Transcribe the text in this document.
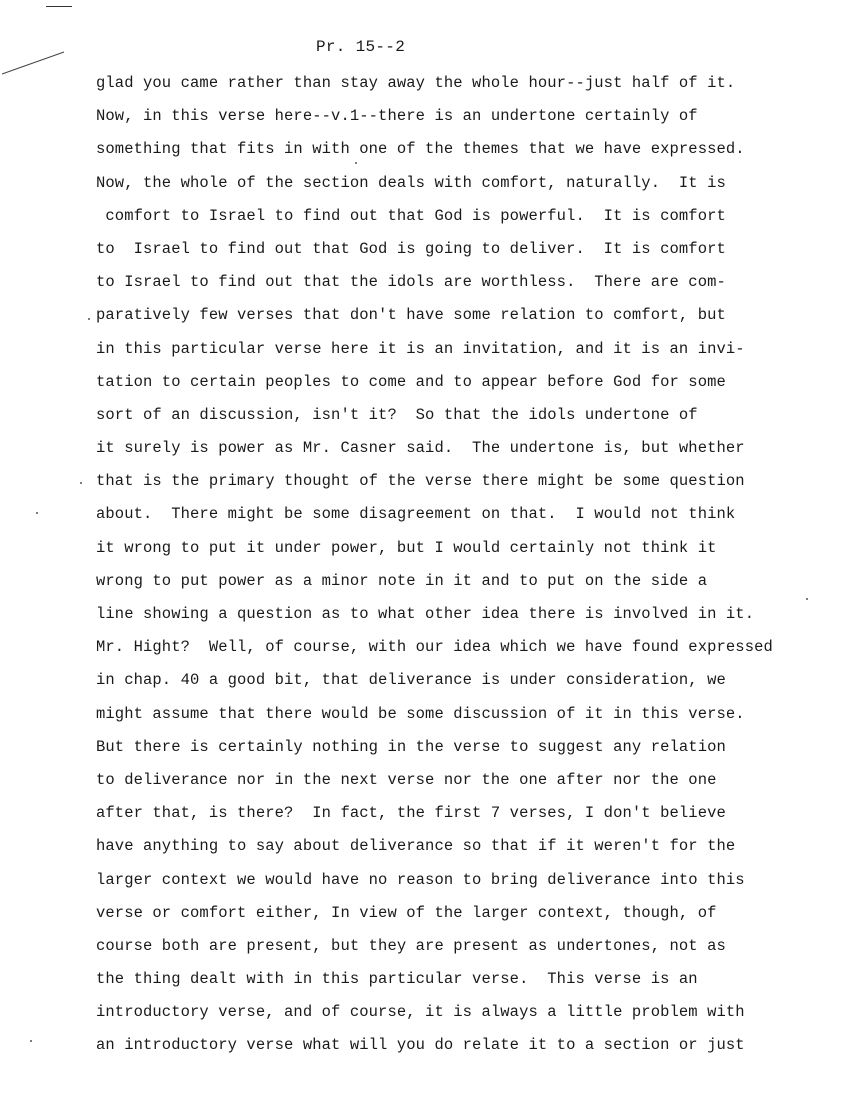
Pr. 15--2
glad you came rather than stay away the whole hour--just half of it.
Now, in this verse here--v.1--there is an undertone certainly of
something that fits in with one of the themes that we have expressed.
Now, the whole of the section deals with comfort, naturally.  It is
comfort to Israel to find out that God is powerful.  It is comfort
to  Israel to find out that God is going to deliver.  It is comfort
to Israel to find out that the idols are worthless.  There are com-
paratively few verses that don't have some relation to comfort, but
in this particular verse here it is an invitation, and it is an invi-
tation to certain peoples to come and to appear before God for some
sort of an discussion, isn't it?  So that the idols undertone of
it surely is power as Mr. Casner said.  The undertone is, but whether
that is the primary thought of the verse there might be some question
about.  There might be some disagreement on that.  I would not think
it wrong to put it under power, but I would certainly not think it
wrong to put power as a minor note in it and to put on the side a
line showing a question as to what other idea there is involved in it.
Mr. Hight?  Well, of course, with our idea which we have found expressed
in chap. 40 a good bit, that deliverance is under consideration, we
might assume that there would be some discussion of it in this verse.
But there is certainly nothing in the verse to suggest any relation
to deliverance nor in the next verse nor the one after nor the one
after that, is there?  In fact, the first 7 verses, I don't believe
have anything to say about deliverance so that if it weren't for the
larger context we would have no reason to bring deliverance into this
verse or comfort either, In view of the larger context, though, of
course both are present, but they are present as undertones, not as
the thing dealt with in this particular verse.  This verse is an
introductory verse, and of course, it is always a little problem with
an introductory verse what will you do relate it to a section or just
